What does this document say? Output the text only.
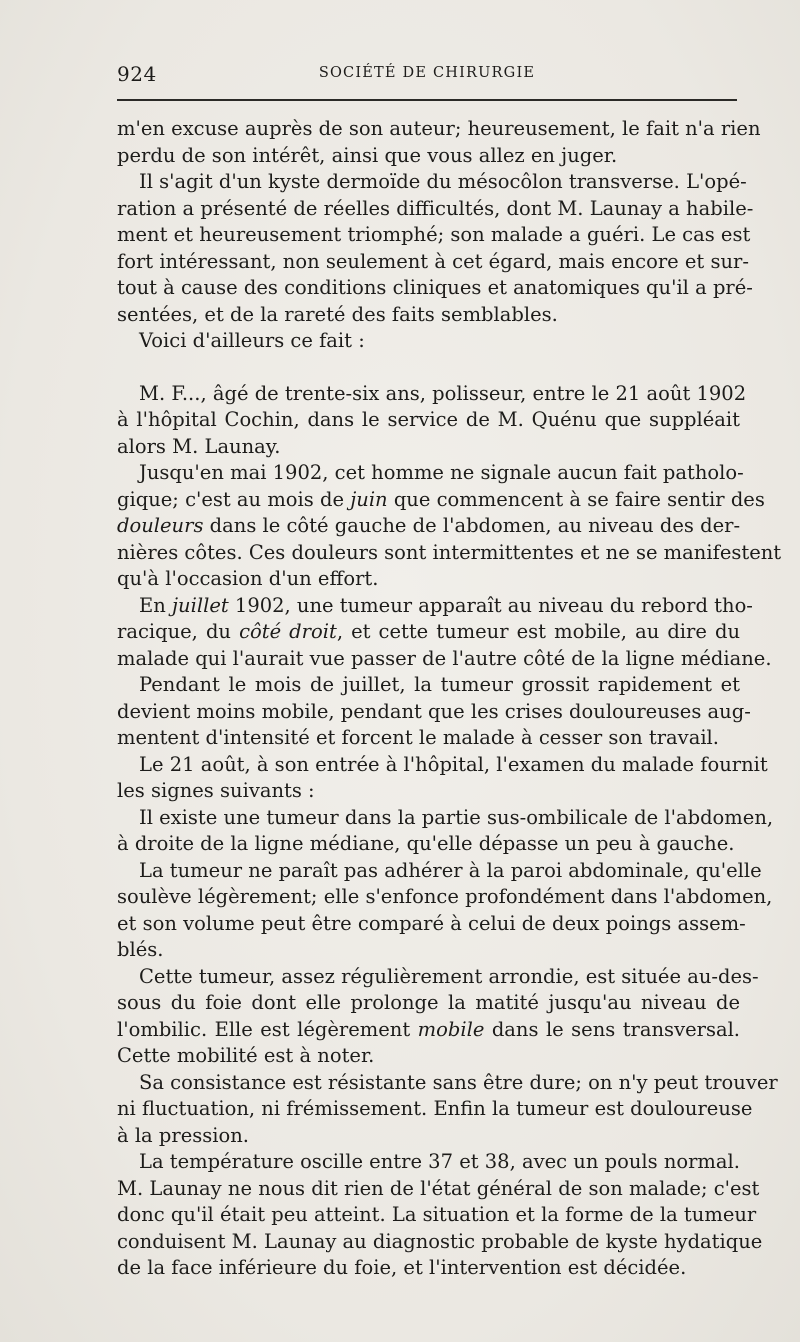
924	SOCIÉTÉ DE CHIRURGIE
m'en excuse auprès de son auteur; heureusement, le fait n'a rien
perdu de son intérêt, ainsi que vous allez en juger.
Il s'agit d'un kyste dermoïde du mésocôlon transverse. L'opé-
ration a présenté de réelles difficultés, dont M. Launay a habile-
ment et heureusement triomphé; son malade a guéri. Le cas est
fort intéressant, non seulement à cet égard, mais encore et sur-
tout à cause des conditions cliniques et anatomiques qu'il a pré-
sentées, et de la rareté des faits semblables.
Voici d'ailleurs ce fait :
M. F..., âgé de trente-six ans, polisseur, entre le 21 août 1902
à l'hôpital Cochin, dans le service de M. Quénu que suppléait
alors M. Launay.
Jusqu'en mai 1902, cet homme ne signale aucun fait patholo-
gique; c'est au mois de juin que commencent à se faire sentir des
douleurs dans le côté gauche de l'abdomen, au niveau des der-
nières côtes. Ces douleurs sont intermittentes et ne se manifestent
qu'à l'occasion d'un effort.
En juillet 1902, une tumeur apparaît au niveau du rebord tho-
racique, du côté droit, et cette tumeur est mobile, au dire du
malade qui l'aurait vue passer de l'autre côté de la ligne médiane.
Pendant le mois de juillet, la tumeur grossit rapidement et
devient moins mobile, pendant que les crises douloureuses aug-
mentent d'intensité et forcent le malade à cesser son travail.
Le 21 août, à son entrée à l'hôpital, l'examen du malade fournit
les signes suivants :
Il existe une tumeur dans la partie sus-ombilicale de l'abdomen,
à droite de la ligne médiane, qu'elle dépasse un peu à gauche.
La tumeur ne paraît pas adhérer à la paroi abdominale, qu'elle
soulève légèrement; elle s'enfonce profondément dans l'abdomen,
et son volume peut être comparé à celui de deux poings assem-
blés.
Cette tumeur, assez régulièrement arrondie, est située au-des-
sous du foie dont elle prolonge la matité jusqu'au niveau de
l'ombilic. Elle est légèrement mobile dans le sens transversal.
Cette mobilité est à noter.
Sa consistance est résistante sans être dure; on n'y peut trouver
ni fluctuation, ni frémissement. Enfin la tumeur est douloureuse
à la pression.
La température oscille entre 37 et 38, avec un pouls normal.
M. Launay ne nous dit rien de l'état général de son malade; c'est
donc qu'il était peu atteint. La situation et la forme de la tumeur
conduisent M. Launay au diagnostic probable de kyste hydatique
de la face inférieure du foie, et l'intervention est décidée.
